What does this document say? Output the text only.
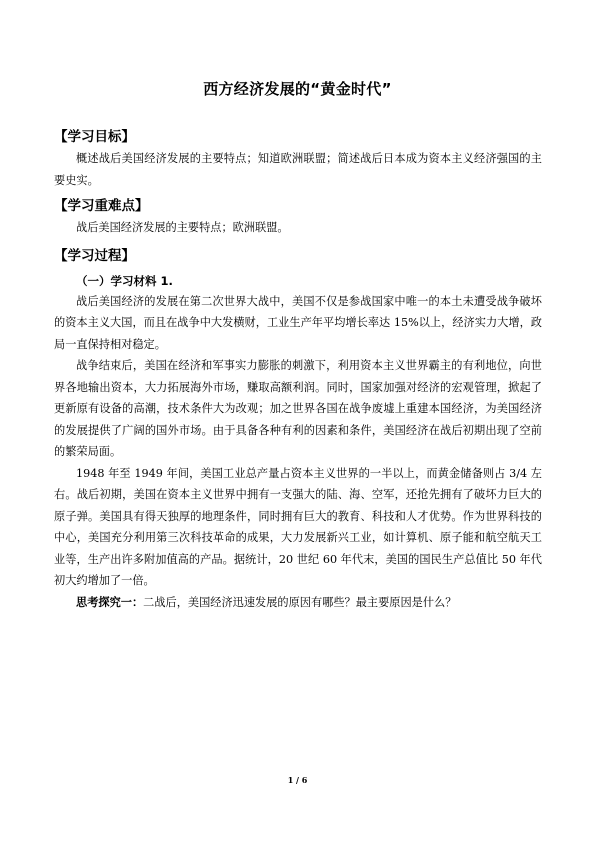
西方经济发展的“黄金时代”
【学习目标】

概述战后美国经济发展的主要特点；知道欧洲联盟；简述战后日本成为资本主义经济强国的主要史实。

【学习重难点】

战后美国经济发展的主要特点；欧洲联盟。

【学习过程】
（一）学习材料 1.

战后美国经济的发展在第二次世界大战中，美国不仅是参战国家中唯一的本土未遭受战争破坏的资本主义大国，而且在战争中大发横财，工业生产年平均增长率达 15%以上，经济实力大增，政局一直保持相对稳定。

战争结束后，美国在经济和军事实力膨胀的刺激下，利用资本主义世界霸主的有利地位，向世界各地输出资本，大力拓展海外市场，赚取高额利润。同时，国家加强对经济的宏观管理，掀起了更新原有设备的高潮，技术条件大为改观；加之世界各国在战争废墟上重建本国经济，为美国经济的发展提供了广阔的国外市场。由于具备各种有利的因素和条件，美国经济在战后初期出现了空前的繁荣局面。

1948 年至 1949 年间，美国工业总产量占资本主义世界的一半以上，而黄金储备则占 3/4 左右。战后初期，美国在资本主义世界中拥有一支强大的陆、海、空军，还抢先拥有了破坏力巨大的原子弹。美国具有得天独厚的地理条件，同时拥有巨大的教育、科技和人才优势。作为世界科技的中心，美国充分利用第三次科技革命的成果，大力发展新兴工业，如计算机、原子能和航空航天工业等，生产出许多附加值高的产品。据统计，20 世纪 60 年代末，美国的国民生产总值比 50 年代初大约增加了一倍。

思考探究一：二战后，美国经济迅速发展的原因有哪些？最主要原因是什么？

1 / 6
